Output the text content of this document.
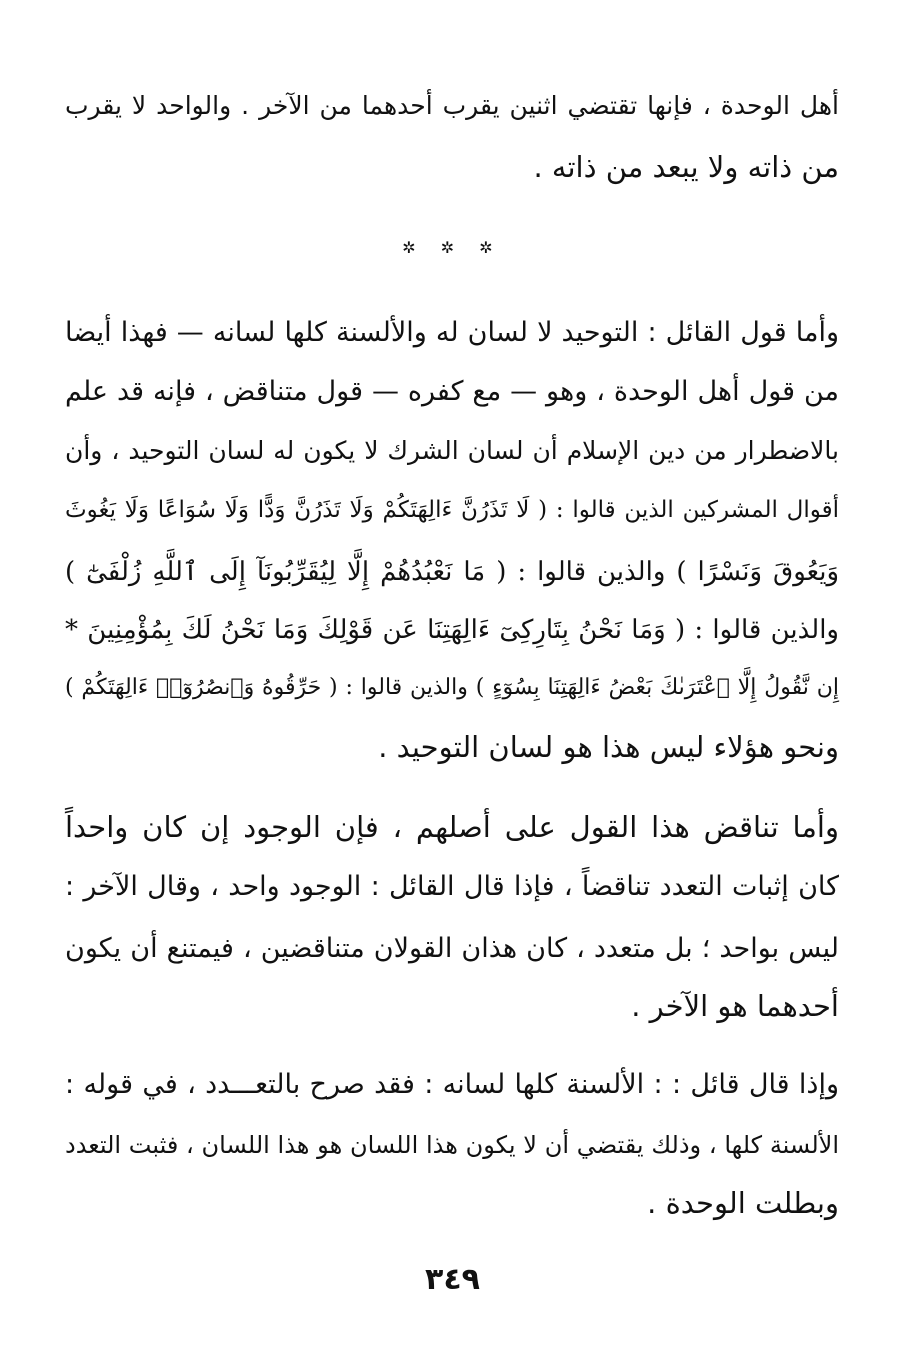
أهل الوحدة ، فإنها تقتضي اثنين يقرب أحدهما من الآخر . والواحد لا يقرب
من ذاته ولا يبعد من ذاته .
✲ ✲ ✲
وأما قول القائل : التوحيد لا لسان له والألسنة كلها لسانه — فهذا أيضا
من قول أهل الوحدة ، وهو — مع كفره — قول متناقض ، فإنه قد علم
بالاضطرار من دين الإسلام أن لسان الشرك لا يكون له لسان التوحيد ، وأن
أقوال المشركين الذين قالوا : ( لَا تَذَرُنَّ ءَالِهَتَكُمْ وَلَا تَذَرُنَّ وَدًّا وَلَا سُوَاعًا وَلَا يَغُوثَ
وَيَعُوقَ وَنَسْرًا ) والذين قالوا : ( مَا نَعْبُدُهُمْ إِلَّا لِيُقَرِّبُونَآ إِلَى ٱللَّهِ زُلْفَىٰٓ )
والذين قالوا : ( وَمَا نَحْنُ بِتَارِكِىٓ ءَالِهَتِنَا عَن قَوْلِكَ وَمَا نَحْنُ لَكَ بِمُؤْمِنِينَ *
إِن نَّقُولُ إِلَّا ٱعْتَرَىٰكَ بَعْضُ ءَالِهَتِنَا بِسُوٓءٍ ) والذين قالوا : ( حَرِّقُوهُ وَٱنصُرُوٓا۟ ءَالِهَتَكُمْ )
ونحو هؤلاء ليس هذا هو لسان التوحيد .
وأما تناقض هذا القول على أصلهم ، فإن الوجود إن كان واحداً
كان إثبات التعدد تناقضاً ، فإذا قال القائل : الوجود واحد ، وقال الآخر :
ليس بواحد ؛ بل متعدد ، كان هذان القولان متناقضين ، فيمتنع أن يكون
أحدهما هو الآخر .
وإذا قال قائل : : الألسنة كلها لسانه : فقد صرح بالتعـــدد ، في قوله :
الألسنة كلها ، وذلك يقتضي أن لا يكون هذا اللسان هو هذا اللسان ، فثبت التعدد
وبطلت الوحدة .
٣٤٩
